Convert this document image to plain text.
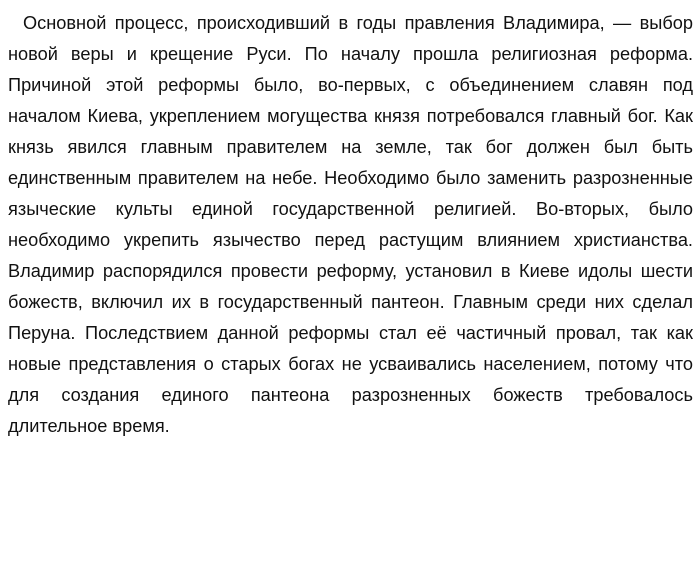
Основной процесс, происходивший в годы правления Владимира, — выбор новой веры и крещение Руси. По началу прошла религиозная реформа. Причиной этой реформы было, во-первых, с объединением славян под началом Киева, укреплением могущества князя потребовался главный бог. Как князь явился главным правителем на земле, так бог должен был быть единственным правителем на небе. Необходимо было заменить разрозненные языческие культы единой государственной религией. Во-вторых, было необходимо укрепить язычество перед растущим влиянием христианства. Владимир распорядился провести реформу, установил в Киеве идолы шести божеств, включил их в государственный пантеон. Главным среди них сделал Перуна. Последствием данной реформы стал её частичный провал, так как новые представления о старых богах не усваивались населением, потому что для создания единого пантеона разрозненных божеств требовалось длительное время.
